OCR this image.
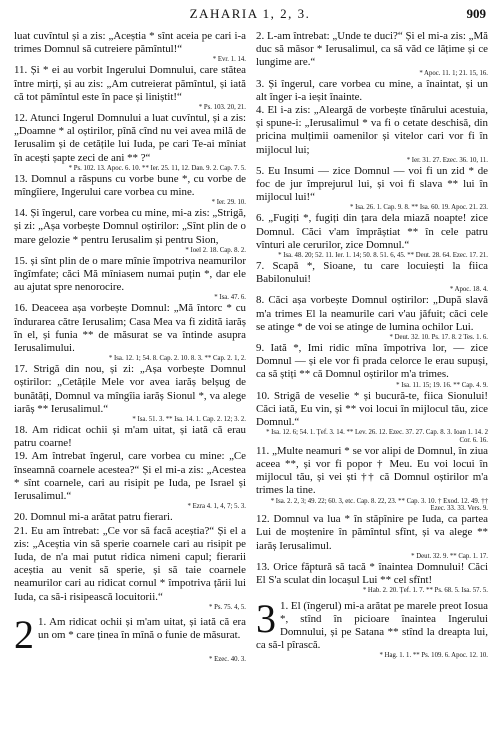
ZAHARIA 1, 2, 3.	909

luat cuvîntul și a zis: „Aceștia * sînt aceia pe cari i-a trimes Domnul să cutreiere pămîntul!“

* Evr. 1. 14.

11. Și * ei au vorbit Ingerului Domnului, care stătea între mirți, și au zis: „Am cutreierat pămîntul, și iată că tot pămîntul este în pace și liniștit!“

* Ps. 103. 20, 21.

12. Atunci Ingerul Domnului a luat cuvîntul, și a zis: „Doamne * al oștirilor, pînă cînd nu vei avea milă de Ierusalim și de cetățile lui Iuda, pe cari Te-ai mîniat în acești șapte zeci de ani ** ?“

* Ps. 102. 13. Apoc. 6. 10. ** Ier. 25. 11, 12. Dan. 9. 2. Cap. 7. 5.

13. Domnul a răspuns cu vorbe bune *, cu vorbe de mîngîiere, Ingerului care vorbea cu mine.

* Ier. 29. 10.

14. Și îngerul, care vorbea cu mine, mi-a zis: „Strigă, și zi: „Așa vorbește Domnul oștirilor: „Sînt plin de o mare gelozie * pentru Ierusalim și pentru Sion,

* Ioel 2. 18. Cap. 8. 2.

15. și sînt plin de o mare mînie împotriva neamurilor îngîmfate; căci Mă mîniasem numai puțin *, dar ele au ajutat spre nenorocire.

* Isa. 47. 6.

16. Deaceea așa vorbește Domnul: „Mă întorc * cu îndurarea către Ierusalim; Casa Mea va fi zidită iarăș în el, și funia ** de măsurat se va întinde asupra Ierusalimului.

* Isa. 12. 1; 54. 8. Cap. 2. 10. 8. 3. ** Cap. 2. 1, 2.

17. Strigă din nou, și zi: „Așa vorbește Domnul oștirilor: „Cetățile Mele vor avea iarăș belșug de bunătăți, Domnul va mîngîia iarăș Sionul *, va alege iarăș ** Ierusalimul.“

* Isa. 51. 3. ** Isa. 14. 1. Cap. 2. 12; 3. 2.

18. Am ridicat ochii și m'am uitat, și iată că erau patru coarne!

19. Am întrebat îngerul, care vorbea cu mine: „Ce înseamnă coarnele acestea?“ Și el mi-a zis: „Acestea * sînt coarnele, cari au risipit pe Iuda, pe Israel și Ierusalimul.“

* Ezra 4. 1, 4, 7; 5. 3.

20. Domnul mi-a arătat patru fierari.

21. Eu am întrebat: „Ce vor să facă aceștia?“ Și el a zis: „Aceștia vin să sperie coarnele cari au risipit pe Iuda, de n'a mai putut ridica nimeni capul; fierarii aceștia au venit să sperie, și să taie coarnele neamurilor cari au ridicat cornul * împotriva țării lui Iuda, ca să-i risipească locuitorii.“

* Ps. 75. 4, 5.

2 1. Am ridicat ochii și m'am uitat, și iată că era un om * care ținea în mînă o funie de măsurat.

* Ezec. 40. 3.

2. L-am întrebat: „Unde te duci?“ Și el mi-a zis: „Mă duc să măsor * Ierusalimul, ca să văd ce lățime și ce lungime are.“

* Apoc. 11. 1; 21. 15, 16.

3. Și îngerul, care vorbea cu mine, a înaintat, și un alt înger i-a ieșit înainte.

4. El i-a zis: „Aleargă de vorbește tînărului acestuia, și spune-i: „Ierusalimul * va fi o cetate deschisă, din pricina mulțimii oamenilor și vitelor cari vor fi în mijlocul lui;

* Ier. 31. 27. Ezec. 36. 10, 11.

5. Eu Insumi — zice Domnul — voi fi un zid * de foc de jur împrejurul lui, și voi fi slava ** lui în mijlocul lui!“

* Isa. 26. 1. Cap. 9. 8. ** Isa. 60. 19. Apoc. 21. 23.

6. „Fugiți *, fugiți din țara dela miază noapte! zice Domnul. Căci v'am împrăștiat ** în cele patru vînturi ale cerurilor, zice Domnul.“

* Isa. 48. 20; 52. 11. Ier. 1. 14; 50. 8. 51. 6, 45. ** Deut. 28. 64. Ezec. 17. 21.

7. Scapă *, Sioane, tu care locuiești la fiica Babilonului!

* Apoc. 18. 4.

8. Căci așa vorbește Domnul oștirilor: „După slavă m'a trimes El la neamurile cari v'au jăfuit; căci cele se atinge * de voi se atinge de lumina ochilor Lui.

* Deut. 32. 10. Ps. 17. 8. 2 Tes. 1. 6.

9. Iată *, Imi ridic mîna împotriva lor, — zice Domnul — și ele vor fi prada celorce le erau supuși, ca să știți ** că Domnul oștirilor m'a trimes.

* Isa. 11. 15; 19. 16. ** Cap. 4. 9.

10. Strigă de veselie * și bucură-te, fiica Sionului! Căci iată, Eu vin, și ** voi locui în mijlocul tău, zice Domnul.“

* Isa. 12. 6; 54. 1. Țef. 3. 14. ** Lev. 26. 12. Ezec. 37. 27. Cap. 8. 3. Ioan 1. 14. 2 Cor. 6. 16.

11. „Multe neamuri * se vor alipi de Domnul, în ziua aceea **, și vor fi popor † Meu. Eu voi locui în mijlocul tău, și vei ști †† că Domnul oștirilor m'a trimes la tine.

* Isa. 2. 2, 3; 49. 22; 60. 3, etc. Cap. 8. 22, 23. ** Cap. 3. 10. † Exod. 12. 49. †† Ezec. 33. 33. Vers. 9.

12. Domnul va lua * în stăpînire pe Iuda, ca partea Lui de moștenire în pămîntul sfînt, și va alege ** iarăș Ierusalimul.

* Deut. 32. 9. ** Cap. 1. 17.

13. Orice făptură să tacă * înaintea Domnului! Căci El S'a sculat din locașul Lui ** cel sfînt!

* Hab. 2. 20. Țef. 1. 7. ** Ps. 68. 5. Isa. 57. 5.

3 1. El (îngerul) mi-a arătat pe marele preot Iosua *, stînd în picioare înaintea Ingerului Domnului, și pe Satana ** stînd la dreapta lui, ca să-l pîrască.

* Hag. 1. 1. ** Ps. 109. 6. Apoc. 12. 10.
